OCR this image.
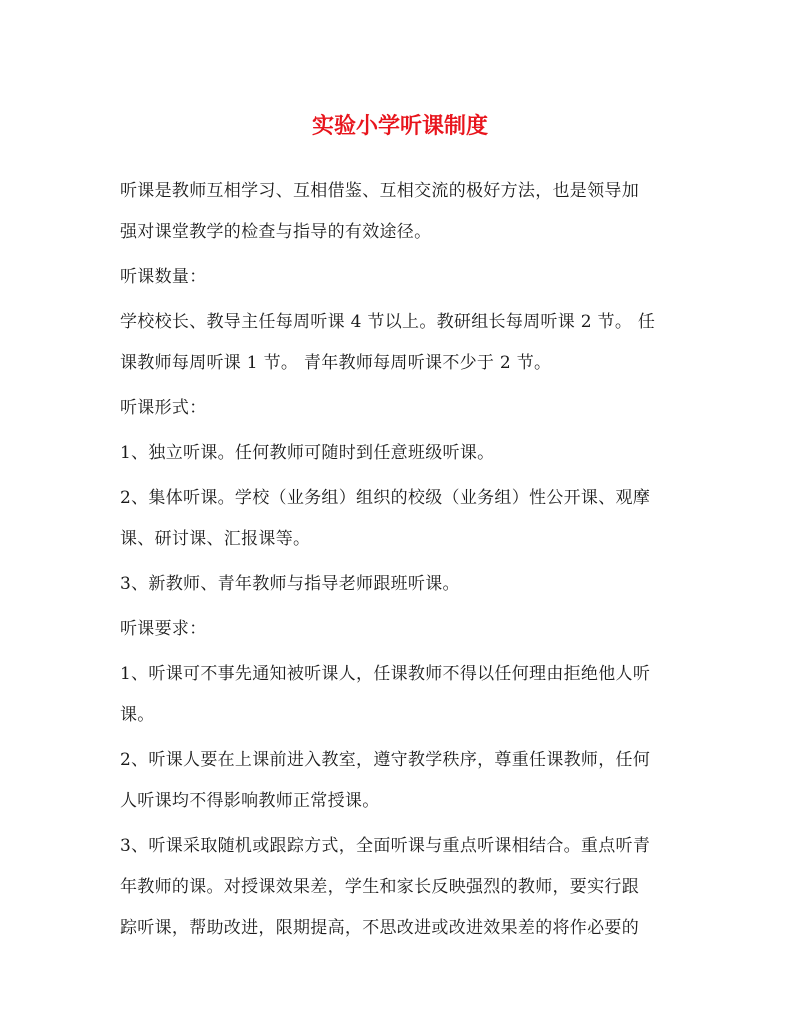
实验小学听课制度

听课是教师互相学习、互相借鉴、互相交流的极好方法，也是领导加
强对课堂教学的检查与指导的有效途径。

听课数量：

学校校长、教导主任每周听课 4 节以上。教研组长每周听课 2 节。 任
课教师每周听课 1 节。 青年教师每周听课不少于 2 节。

听课形式：

1、独立听课。任何教师可随时到任意班级听课。

2、集体听课。学校（业务组）组织的校级（业务组）性公开课、观摩
课、研讨课、汇报课等。

3、新教师、青年教师与指导老师跟班听课。

听课要求：

1、听课可不事先通知被听课人，任课教师不得以任何理由拒绝他人听
课。

2、听课人要在上课前进入教室，遵守教学秩序，尊重任课教师，任何
人听课均不得影响教师正常授课。

3、听课采取随机或跟踪方式，全面听课与重点听课相结合。重点听青
年教师的课。对授课效果差，学生和家长反映强烈的教师，要实行跟
踪听课，帮助改进，限期提高，不思改进或改进效果差的将作必要的
